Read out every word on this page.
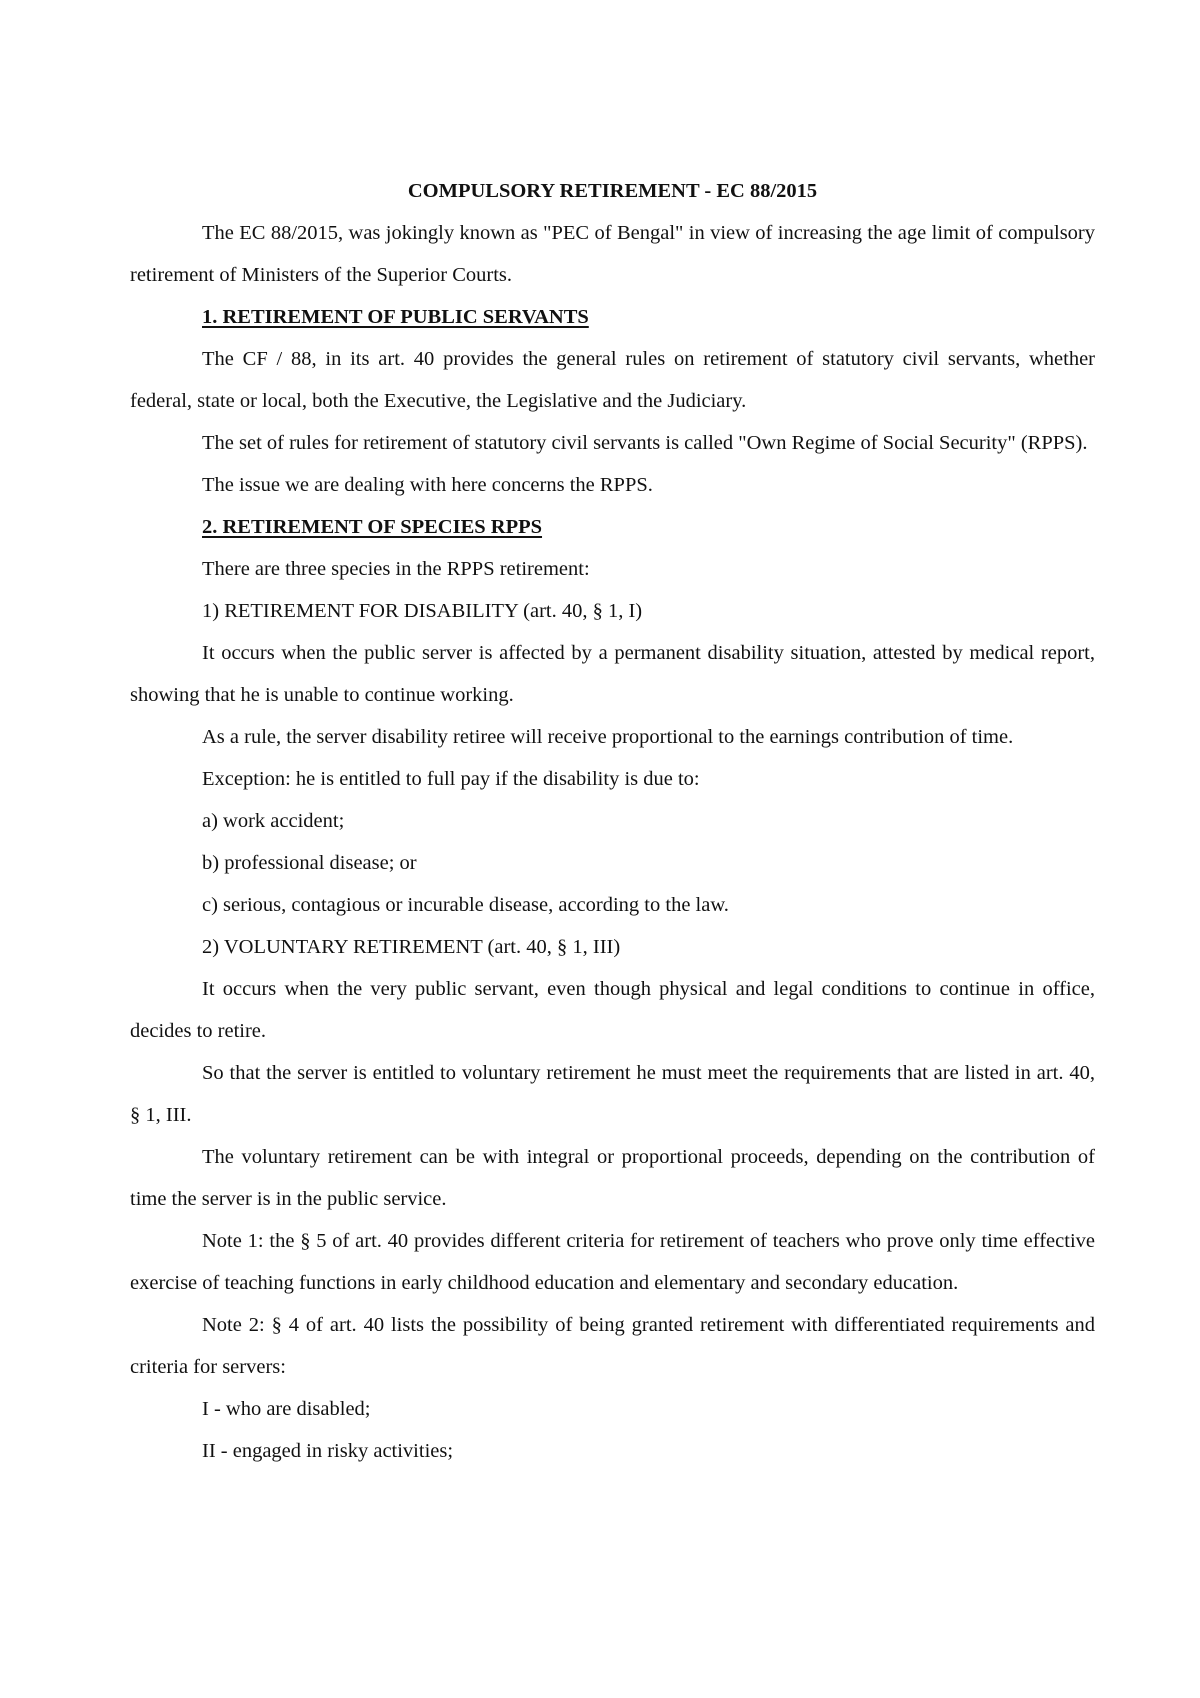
COMPULSORY RETIREMENT - EC 88/2015

The EC 88/2015, was jokingly known as "PEC of Bengal" in view of increasing the age limit of compulsory retirement of Ministers of the Superior Courts.

1. RETIREMENT OF PUBLIC SERVANTS

The CF / 88, in its art. 40 provides the general rules on retirement of statutory civil servants, whether federal, state or local, both the Executive, the Legislative and the Judiciary.

The set of rules for retirement of statutory civil servants is called "Own Regime of Social Security" (RPPS).

The issue we are dealing with here concerns the RPPS.

2. RETIREMENT OF SPECIES RPPS

There are three species in the RPPS retirement:

1) RETIREMENT FOR DISABILITY (art. 40, § 1, I)

It occurs when the public server is affected by a permanent disability situation, attested by medical report, showing that he is unable to continue working.

As a rule, the server disability retiree will receive proportional to the earnings contribution of time.

Exception: he is entitled to full pay if the disability is due to:

a) work accident;

b) professional disease; or

c) serious, contagious or incurable disease, according to the law.

2) VOLUNTARY RETIREMENT (art. 40, § 1, III)

It occurs when the very public servant, even though physical and legal conditions to continue in office, decides to retire.

So that the server is entitled to voluntary retirement he must meet the requirements that are listed in art. 40, § 1, III.

The voluntary retirement can be with integral or proportional proceeds, depending on the contribution of time the server is in the public service.

Note 1: the § 5 of art. 40 provides different criteria for retirement of teachers who prove only time effective exercise of teaching functions in early childhood education and elementary and secondary education.

Note 2: § 4 of art. 40 lists the possibility of being granted retirement with differentiated requirements and criteria for servers:

I - who are disabled;

II - engaged in risky activities;
